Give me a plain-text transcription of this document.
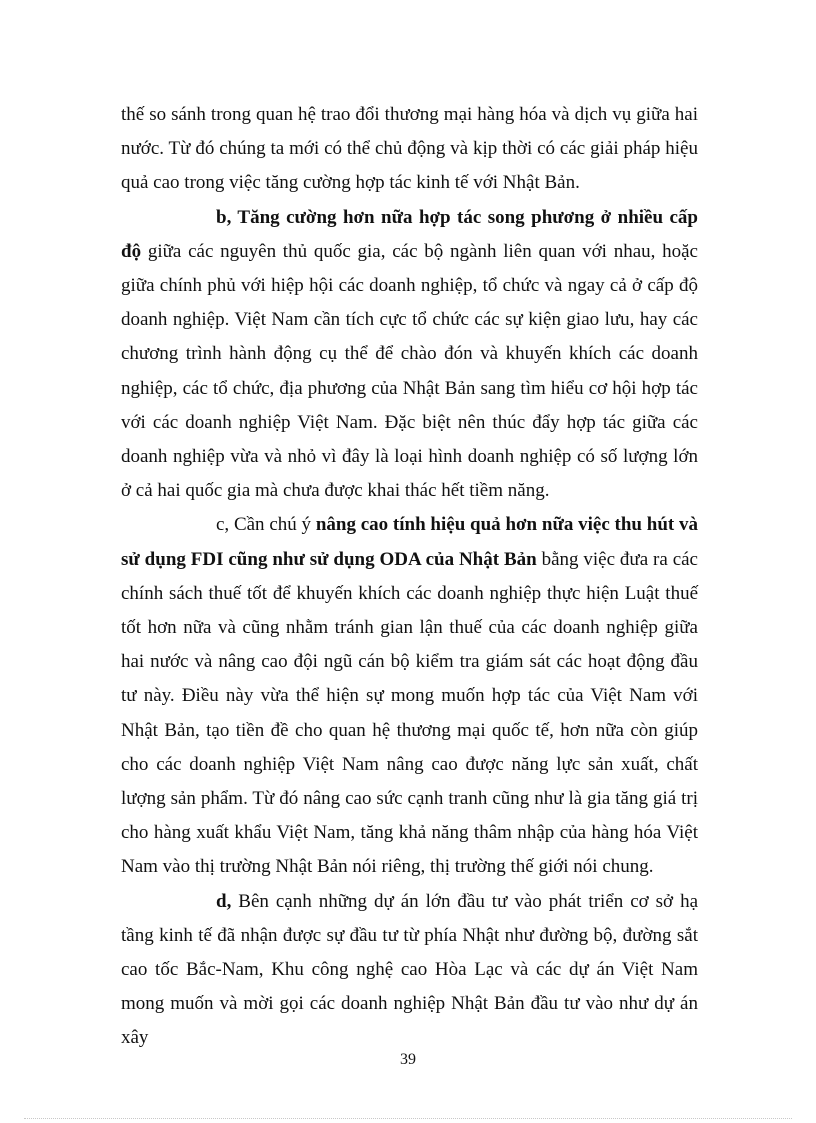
thế so sánh trong quan hệ trao đổi thương mại hàng hóa và dịch vụ giữa hai nước. Từ đó chúng ta mới có thể chủ động và kịp thời có các giải pháp hiệu quả cao trong việc tăng cường hợp tác kinh tế với Nhật Bản.

b, Tăng cường hơn nữa hợp tác song phương ở nhiều cấp độ giữa các nguyên thủ quốc gia, các bộ ngành liên quan với nhau, hoặc giữa chính phủ với hiệp hội các doanh nghiệp, tổ chức và ngay cả ở cấp độ doanh nghiệp. Việt Nam cần tích cực tổ chức các sự kiện giao lưu, hay các chương trình hành động cụ thể để chào đón và khuyến khích các doanh nghiệp, các tổ chức, địa phương của Nhật Bản sang tìm hiểu cơ hội hợp tác với các doanh nghiệp Việt Nam. Đặc biệt nên thúc đẩy hợp tác giữa các doanh nghiệp vừa và nhỏ vì đây là loại hình doanh nghiệp có số lượng lớn ở cả hai quốc gia mà chưa được khai thác hết tiềm năng.

c, Cần chú ý nâng cao tính hiệu quả hơn nữa việc thu hút và sử dụng FDI cũng như sử dụng ODA của Nhật Bản bằng việc đưa ra các chính sách thuế tốt để khuyến khích các doanh nghiệp thực hiện Luật thuế tốt hơn nữa và cũng nhằm tránh gian lận thuế của các doanh nghiệp giữa hai nước và nâng cao đội ngũ cán bộ kiểm tra giám sát các hoạt động đầu tư này. Điều này vừa thể hiện sự mong muốn hợp tác của Việt Nam với Nhật Bản, tạo tiền đề cho quan hệ thương mại quốc tế, hơn nữa còn giúp cho các doanh nghiệp Việt Nam nâng cao được năng lực sản xuất, chất lượng sản phẩm. Từ đó nâng cao sức cạnh tranh cũng như là gia tăng giá trị cho hàng xuất khẩu Việt Nam, tăng khả năng thâm nhập của hàng hóa Việt Nam vào thị trường Nhật Bản nói riêng, thị trường thế giới nói chung.

d, Bên cạnh những dự án lớn đầu tư vào phát triển cơ sở hạ tầng kinh tế đã nhận được sự đầu tư từ phía Nhật như đường bộ, đường sắt cao tốc Bắc-Nam, Khu công nghệ cao Hòa Lạc và các dự án Việt Nam mong muốn và mời gọi các doanh nghiệp Nhật Bản đầu tư vào như dự án xây

39
